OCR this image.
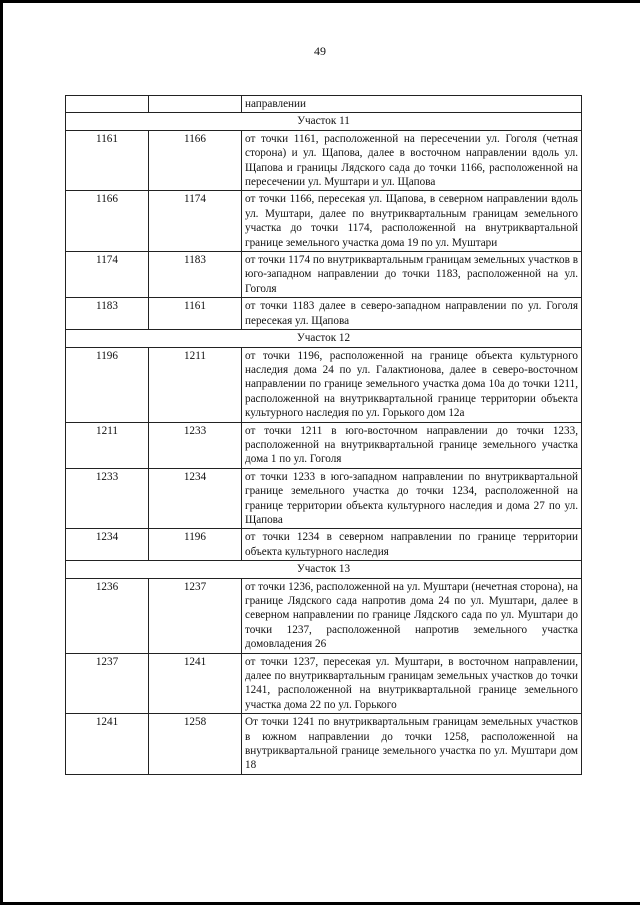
49
		направлении
Участок 11		
1161	1166	от точки 1161, расположенной на пересечении ул. Гоголя (четная сторона) и ул. Щапова, далее в восточном направлении вдоль ул. Щапова и границы Лядского сада до точки 1166, расположенной на пересечении ул. Муштари и ул. Щапова
1166	1174	от точки 1166, пересекая ул. Щапова, в северном направлении вдоль ул. Муштари, далее по внутриквартальным границам земельного участка до точки 1174, расположенной на внутриквартальной границе земельного участка дома 19 по ул. Муштари
1174	1183	от точки 1174 по внутриквартальным границам земельных участков в юго-западном направлении до точки 1183, расположенной на ул. Гоголя
1183	1161	от точки 1183 далее в северо-западном направлении по ул. Гоголя пересекая ул. Щапова
Участок 12		
1196	1211	от точки 1196, расположенной на границе объекта культурного наследия дома 24 по ул. Галактионова, далее в северо-восточном направлении по границе земельного участка дома 10а до точки 1211, расположенной на внутриквартальной границе территории объекта культурного наследия по ул. Горького дом 12а
1211	1233	от точки 1211 в юго-восточном направлении до точки 1233, расположенной на внутриквартальной границе земельного участка дома 1 по ул. Гоголя
1233	1234	от точки 1233 в юго-западном направлении по внутриквартальной границе земельного участка до точки 1234, расположенной на границе территории объекта культурного наследия и дома 27 по ул. Щапова
1234	1196	от точки 1234 в северном направлении по границе территории объекта культурного наследия
Участок 13		
1236	1237	от точки 1236, расположенной на ул. Муштари (нечетная сторона), на границе Лядского сада напротив дома 24 по ул. Муштари, далее в северном направлении по границе Лядского сада по ул. Муштари до точки 1237, расположенной напротив земельного участка домовладения 26
1237	1241	от точки 1237, пересекая ул. Муштари, в восточном направлении, далее по внутриквартальным границам земельных участков до точки 1241, расположенной на внутриквартальной границе земельного участка дома 22 по ул. Горького
1241	1258	От точки 1241 по внутриквартальным границам земельных участков в южном направлении до точки 1258, расположенной на внутриквартальной границе земельного участка по ул. Муштари дом 18
